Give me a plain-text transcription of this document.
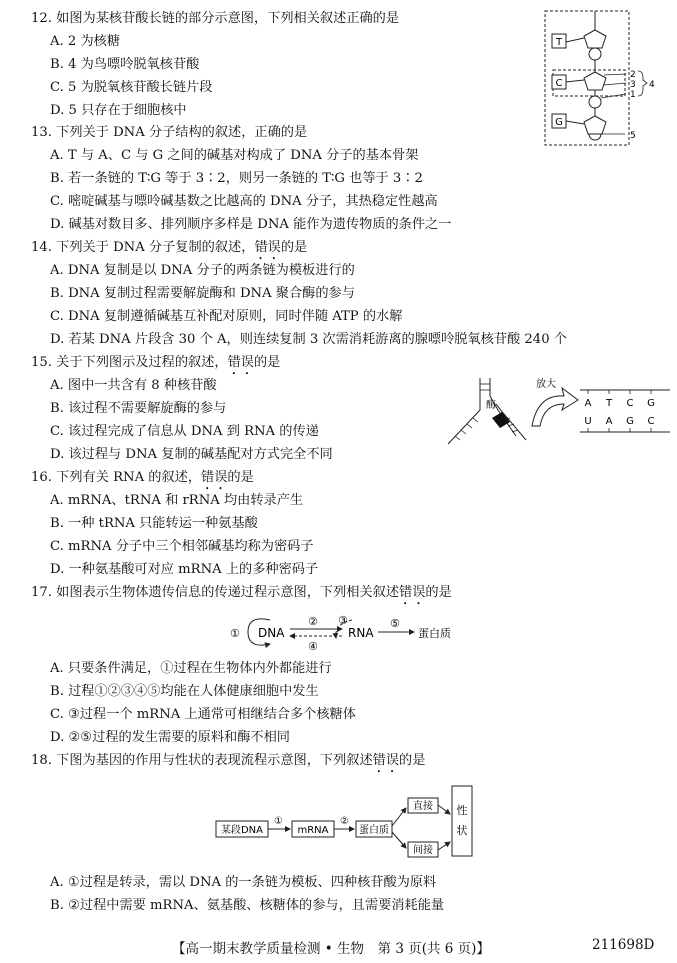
12. 如图为某核苷酸长链的部分示意图，下列相关叙述正确的是
A. 2 为核糖
B. 4 为鸟嘌呤脱氧核苷酸
C. 5 为脱氧核苷酸长链片段
D. 5 只存在于细胞核中
T
C
G
2
3
1
4
5
13. 下列关于 DNA 分子结构的叙述，正确的是
A. T 与 A、C 与 G 之间的碱基对构成了 DNA 分子的基本骨架
B. 若一条链的 T∶G 等于 3∶2，则另一条链的 T∶G 也等于 3∶2
C. 嘧啶碱基与嘌呤碱基数之比越高的 DNA 分子，其热稳定性越高
D. 碱基对数目多、排列顺序多样是 DNA 能作为遗传物质的条件之一
14. 下列关于 DNA 分子复制的叙述，错误的是
A. DNA 复制是以 DNA 分子的两条链为模板进行的
B. DNA 复制过程需要解旋酶和 DNA 聚合酶的参与
C. DNA 复制遵循碱基互补配对原则，同时伴随 ATP 的水解
D. 若某 DNA 片段含 30 个 A，则连续复制 3 次需消耗游离的腺嘌呤脱氧核苷酸 240 个
15. 关于下列图示及过程的叙述，错误的是
A. 图中一共含有 8 种核苷酸
B. 该过程不需要解旋酶的参与
C. 该过程完成了信息从 DNA 到 RNA 的传递
D. 该过程与 DNA 复制的碱基配对方式完全不同
酶
放大
A T C G
U A G C
16. 下列有关 RNA 的叙述，错误的是
A. mRNA、tRNA 和 rRNA 均由转录产生
B. 一种 tRNA 只能转运一种氨基酸
C. mRNA 分子中三个相邻碱基均称为密码子
D. 一种氨基酸可对应 mRNA 上的多种密码子
17. 如图表示生物体遗传信息的传递过程示意图，下列相关叙述错误的是
① DNA
②
④
③
RNA
⑤
蛋白质
A. 只要条件满足，①过程在生物体内外都能进行
B. 过程①②③④⑤均能在人体健康细胞中发生
C. ③过程一个 mRNA 上通常可相继结合多个核糖体
D. ②⑤过程的发生需要的原料和酶不相同
18. 下图为基因的作用与性状的表现流程示意图，下列叙述错误的是
某段DNA
①
mRNA
②
蛋白质
直接
间接
性
状
A. ①过程是转录，需以 DNA 的一条链为模板、四种核苷酸为原料
B. ②过程中需要 mRNA、氨基酸、核糖体的参与，且需要消耗能量
【高一期末教学质量检测 • 生物　第 3 页(共 6 页)】	211698D
